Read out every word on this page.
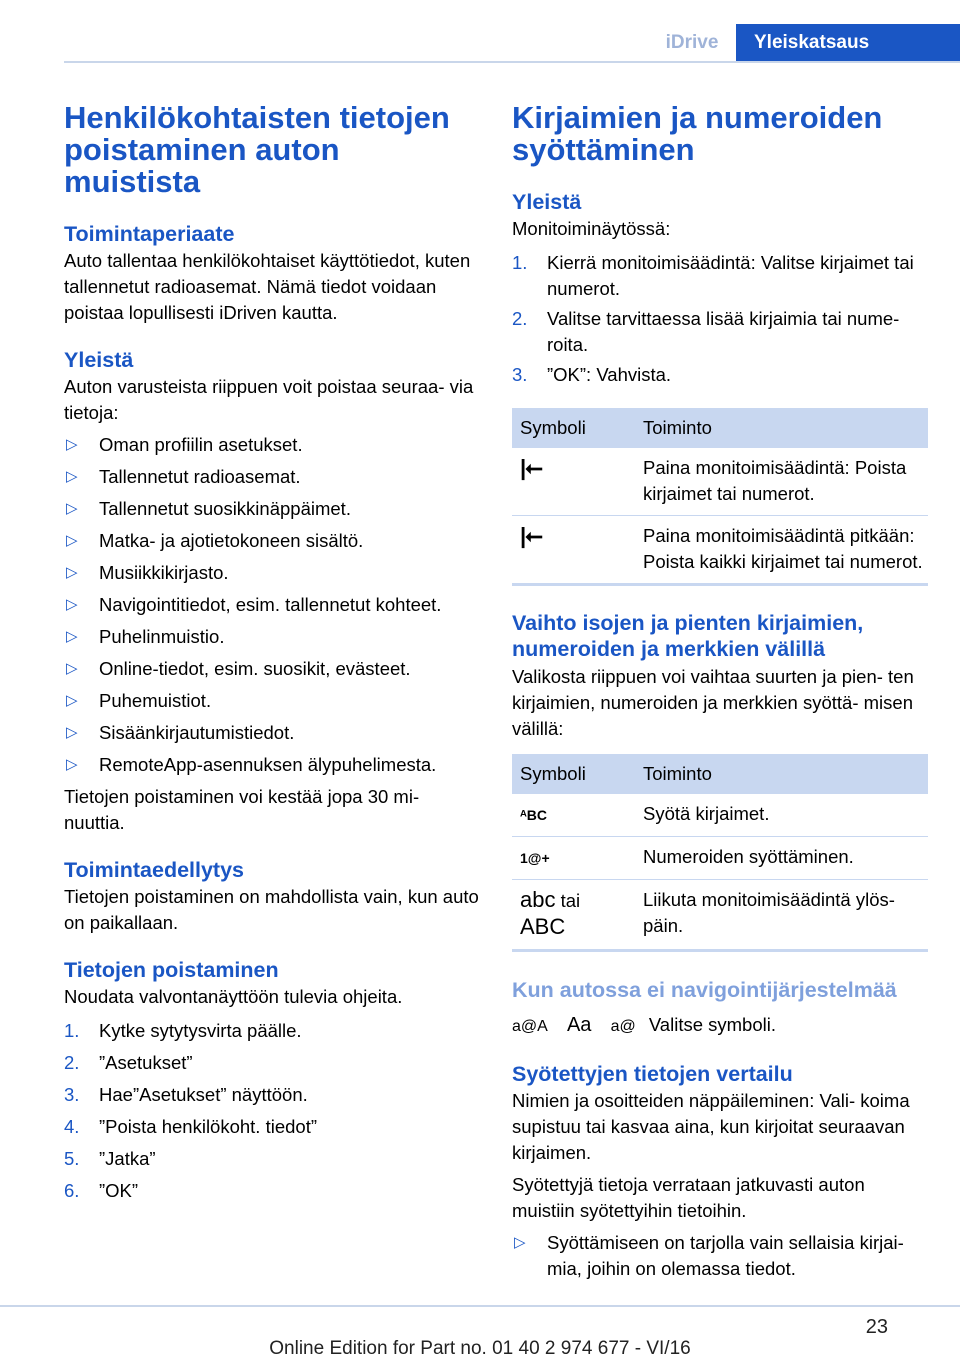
iDrive	Yleiskatsaus
Henkilökohtaisten tietojen poistaminen auton muistista
Toimintaperiaate

Auto tallentaa henkilökohtaiset käyttötiedot, kuten tallennetut radioasemat. Nämä tiedot voidaan poistaa lopullisesti iDriven kautta.

Yleistä

Auton varusteista riippuen voit poistaa seuraa‐ via tietoja:

▷ Oman profiilin asetukset.
▷ Tallennetut radioasemat.
▷ Tallennetut suosikkinäppäimet.
▷ Matka- ja ajotietokoneen sisältö.
▷ Musiikkikirjasto.
▷ Navigointitiedot, esim. tallennetut kohteet.
▷ Puhelinmuistio.
▷ Online-tiedot, esim. suosikit, evästeet.
▷ Puhemuistiot.
▷ Sisäänkirjautumistiedot.
▷ RemoteApp-asennuksen älypuhelimesta.

Tietojen poistaminen voi kestää jopa 30 mi‐ nuuttia.

Toimintaedellytys

Tietojen poistaminen on mahdollista vain, kun auto on paikallaan.

Tietojen poistaminen

Noudata valvontanäyttöön tulevia ohjeita.

1. Kytke sytytysvirta päälle.
2. ”Asetukset”
3. Hae”Asetukset” näyttöön.
4. ”Poista henkilökoht. tiedot”
5. ”Jatka”
6. ”OK”
Kirjaimien ja numeroiden syöttäminen
Yleistä

Monitoiminäytössä:

1. Kierrä monitoimisäädintä: Valitse kirjaimet tai numerot.
2. Valitse tarvittaessa lisää kirjaimia tai nume‐ roita.
3. ”OK”: Vahvista.
Symboli	Toiminto
|⭠	Paina monitoimisäädintä: Poista kirjaimet tai numerot.
|⭠	Paina monitoimisäädintä pitkään: Poista kaikki kirjaimet tai numerot.
Vaihto isojen ja pienten kirjaimien, numeroiden ja merkkien välillä

Valikosta riippuen voi vaihtaa suurten ja pien‐ ten kirjaimien, numeroiden ja merkkien syöttä‐ misen välillä:

Symboli	Toiminto
ᴬBC	Syötä kirjaimet.
1@+	Numeroiden syöttäminen.
abc tai
ABC	Liikuta monitoimisäädintä ylös‐ päin.
Kun autossa ei navigointijärjestelmää

a@A Aa a@ Valitse symboli.

Syötettyjen tietojen vertailu

Nimien ja osoitteiden näppäileminen: Vali‐ koima supistuu tai kasvaa aina, kun kirjoitat seuraavan kirjaimen.

Syötettyjä tietoja verrataan jatkuvasti auton muistiin syötettyihin tietoihin.

▷ Syöttämiseen on tarjolla vain sellaisia kirjai‐ mia, joihin on olemassa tiedot.
23
Online Edition for Part no. 01 40 2 974 677 - VI/16
